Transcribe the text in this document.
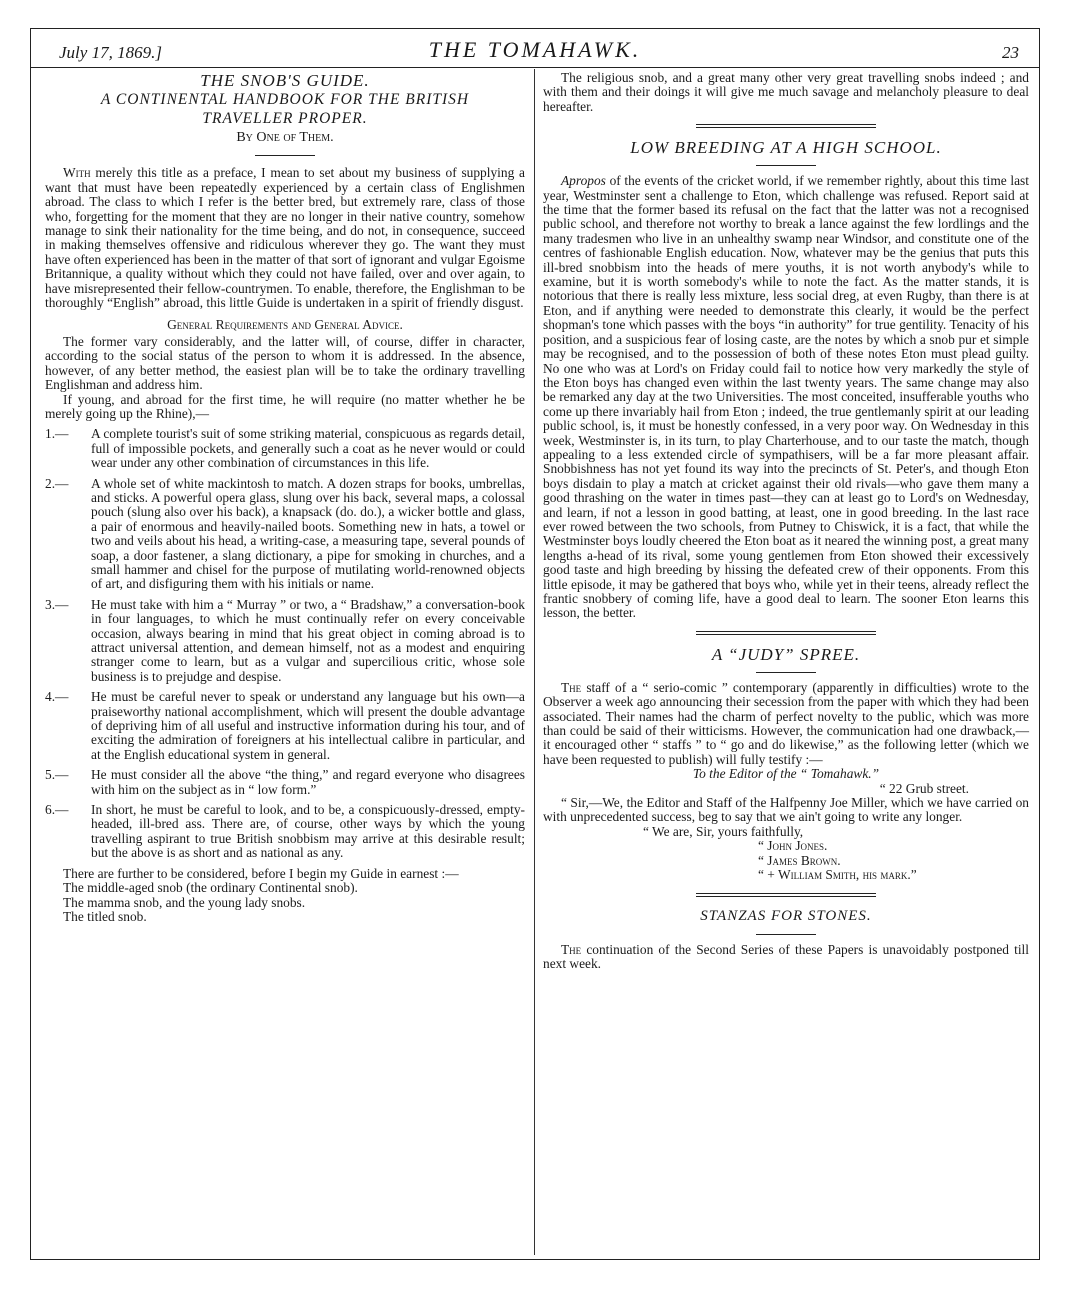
July 17, 1869.]	THE TOMAHAWK.	23

THE SNOB'S GUIDE.

A CONTINENTAL HANDBOOK FOR THE BRITISH

TRAVELLER PROPER.

By One of Them.

With merely this title as a preface, I mean to set about my business of supplying a want that must have been repeatedly experienced by a certain class of Englishmen abroad. The class to which I refer is the better bred, but extremely rare, class of those who, forgetting for the moment that they are no longer in their native country, somehow manage to sink their nationality for the time being, and do not, in consequence, succeed in making themselves offensive and ridiculous wherever they go. The want they must have often experienced has been in the matter of that sort of ignorant and vulgar Egoisme Britannique, a quality without which they could not have failed, over and over again, to have misrepresented their fellow-countrymen. To enable, therefore, the Englishman to be thoroughly “English” abroad, this little Guide is undertaken in a spirit of friendly disgust.

General Requirements and General Advice.

The former vary considerably, and the latter will, of course, differ in character, according to the social status of the person to whom it is addressed. In the absence, however, of any better method, the easiest plan will be to take the ordinary travelling Englishman and address him.

If young, and abroad for the first time, he will require (no matter whether he be merely going up the Rhine),—

1.— A complete tourist's suit of some striking material, conspicuous as regards detail, full of impossible pockets, and generally such a coat as he never would or could wear under any other combination of circumstances in this life.

2.— A whole set of white mackintosh to match. A dozen straps for books, umbrellas, and sticks. A powerful opera glass, slung over his back, several maps, a colossal pouch (slung also over his back), a knapsack (do. do.), a wicker bottle and glass, a pair of enormous and heavily-nailed boots. Something new in hats, a towel or two and veils about his head, a writing-case, a measuring tape, several pounds of soap, a door fastener, a slang dictionary, a pipe for smoking in churches, and a small hammer and chisel for the purpose of mutilating world-renowned objects of art, and disfiguring them with his initials or name.

3.— He must take with him a “ Murray ” or two, a “ Bradshaw,” a conversation-book in four languages, to which he must continually refer on every conceivable occasion, always bearing in mind that his great object in coming abroad is to attract universal attention, and demean himself, not as a modest and enquiring stranger come to learn, but as a vulgar and supercilious critic, whose sole business is to prejudge and despise.

4.— He must be careful never to speak or understand any language but his own—a praiseworthy national accomplishment, which will present the double advantage of depriving him of all useful and instructive information during his tour, and of exciting the admiration of foreigners at his intellectual calibre in particular, and at the English educational system in general.

5.— He must consider all the above “the thing,” and regard everyone who disagrees with him on the subject as in “ low form.”

6.— In short, he must be careful to look, and to be, a conspicuously-dressed, empty-headed, ill-bred ass. There are, of course, other ways by which the young travelling aspirant to true British snobbism may arrive at this desirable result; but the above is as short and as national as any.

There are further to be considered, before I begin my Guide in earnest :—

The middle-aged snob (the ordinary Continental snob).

The mamma snob, and the young lady snobs.

The titled snob.

The religious snob, and a great many other very great travelling snobs indeed ; and with them and their doings it will give me much savage and melancholy pleasure to deal hereafter.

LOW BREEDING AT A HIGH SCHOOL.

Apropos of the events of the cricket world, if we remember rightly, about this time last year, Westminster sent a challenge to Eton, which challenge was refused. Report said at the time that the former based its refusal on the fact that the latter was not a recognised public school, and therefore not worthy to break a lance against the few lordlings and the many tradesmen who live in an unhealthy swamp near Windsor, and constitute one of the centres of fashionable English education. Now, whatever may be the genius that puts this ill-bred snobbism into the heads of mere youths, it is not worth anybody's while to examine, but it is worth somebody's while to note the fact. As the matter stands, it is notorious that there is really less mixture, less social dreg, at even Rugby, than there is at Eton, and if anything were needed to demonstrate this clearly, it would be the perfect shopman's tone which passes with the boys “in authority” for true gentility. Tenacity of his position, and a suspicious fear of losing caste, are the notes by which a snob pur et simple may be recognised, and to the possession of both of these notes Eton must plead guilty. No one who was at Lord's on Friday could fail to notice how very markedly the style of the Eton boys has changed even within the last twenty years. The same change may also be remarked any day at the two Universities. The most conceited, insufferable youths who come up there invariably hail from Eton ; indeed, the true gentlemanly spirit at our leading public school, is, it must be honestly confessed, in a very poor way. On Wednesday in this week, Westminster is, in its turn, to play Charterhouse, and to our taste the match, though appealing to a less extended circle of sympathisers, will be a far more pleasant affair. Snobbishness has not yet found its way into the precincts of St. Peter's, and though Eton boys disdain to play a match at cricket against their old rivals—who gave them many a good thrashing on the water in times past—they can at least go to Lord's on Wednesday, and learn, if not a lesson in good batting, at least, one in good breeding. In the last race ever rowed between the two schools, from Putney to Chiswick, it is a fact, that while the Westminster boys loudly cheered the Eton boat as it neared the winning post, a great many lengths a-head of its rival, some young gentlemen from Eton showed their excessively good taste and high breeding by hissing the defeated crew of their opponents. From this little episode, it may be gathered that boys who, while yet in their teens, already reflect the frantic snobbery of coming life, have a good deal to learn. The sooner Eton learns this lesson, the better.

A “JUDY” SPREE.

The staff of a “ serio-comic ” contemporary (apparently in difficulties) wrote to the Observer a week ago announcing their secession from the paper with which they had been associated. Their names had the charm of perfect novelty to the public, which was more than could be said of their witticisms. However, the communication had one drawback,—it encouraged other “ staffs ” to “ go and do likewise,” as the following letter (which we have been requested to publish) will fully testify :—

To the Editor of the “ Tomahawk.”

“ 22 Grub street.

“ Sir,—We, the Editor and Staff of the Halfpenny Joe Miller, which we have carried on with unprecedented success, beg to say that we ain't going to write any longer.

“ We are, Sir, yours faithfully,

“ John Jones.

“ James Brown.

“ + William Smith, his mark.”

STANZAS FOR STONES.

The continuation of the Second Series of these Papers is unavoidably postponed till next week.
